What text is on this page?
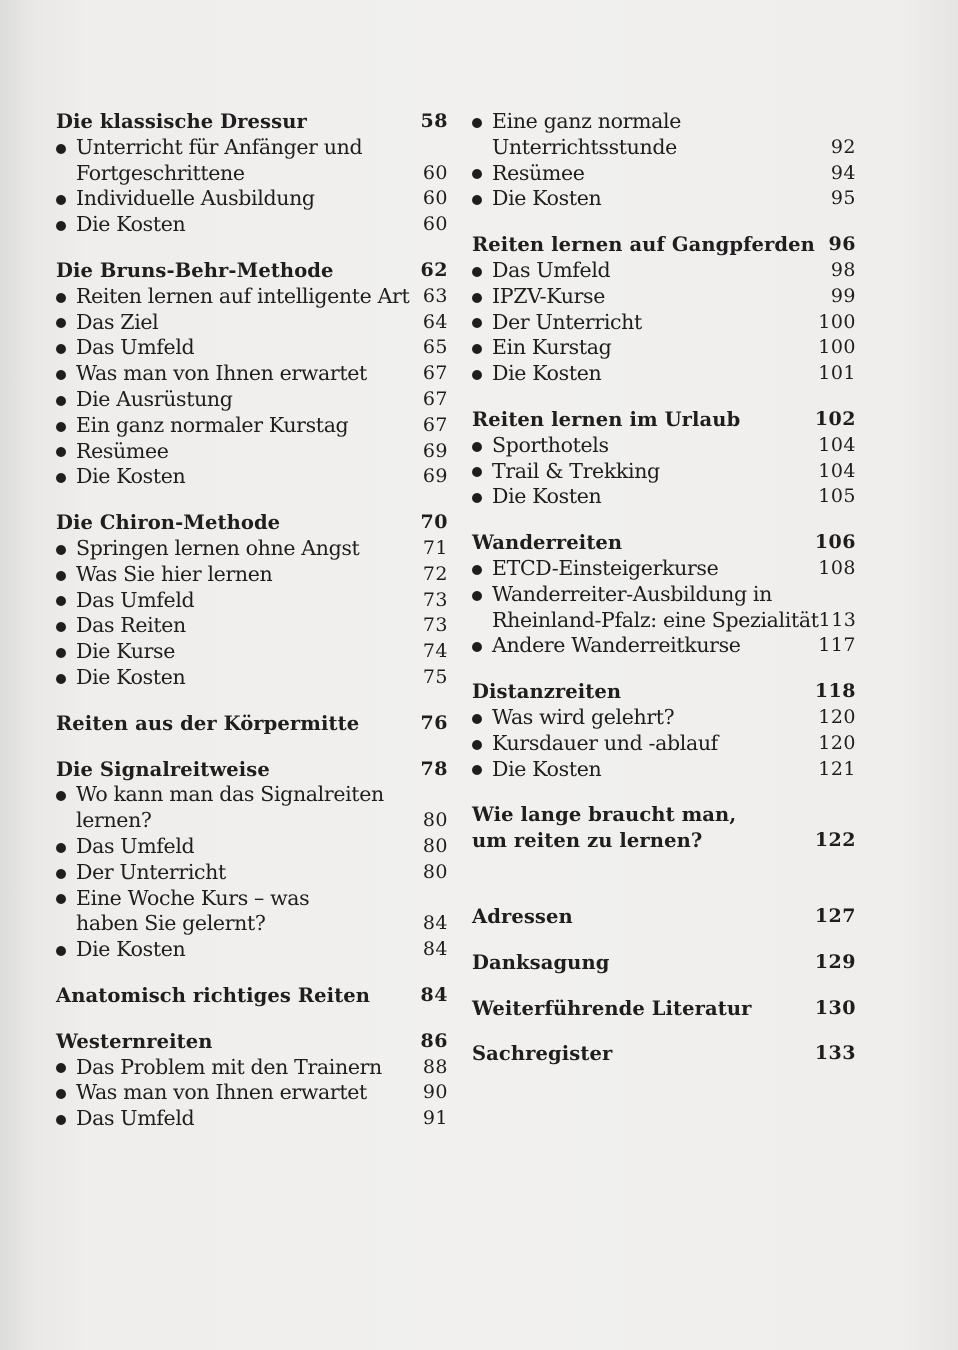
Die klassische Dressur	58
Unterricht für Anfänger und
Fortgeschrittene	60
Individuelle Ausbildung	60
Die Kosten	60
Die Bruns-Behr-Methode	62
Reiten lernen auf intelligente Art 63
Das Ziel	64
Das Umfeld	65
Was man von Ihnen erwartet	67
Die Ausrüstung	67
Ein ganz normaler Kurstag	67
Resümee	69
Die Kosten	69
Die Chiron-Methode	70
Springen lernen ohne Angst	71
Was Sie hier lernen	72
Das Umfeld	73
Das Reiten	73
Die Kurse	74
Die Kosten	75
Reiten aus der Körpermitte	76
Die Signalreitweise	78
Wo kann man das Signalreiten
lernen?	80
Das Umfeld	80
Der Unterricht	80
Eine Woche Kurs – was
haben Sie gelernt?	84
Die Kosten	84
Anatomisch richtiges Reiten	84
Westernreiten	86
Das Problem mit den Trainern 88
Was man von Ihnen erwartet	90
Das Umfeld	91
Eine ganz normale
Unterrichtsstunde	92
Resümee	94
Die Kosten	95
Reiten lernen auf Gangpferden 96
Das Umfeld	98
IPZV-Kurse	99
Der Unterricht	100
Ein Kurstag	100
Die Kosten	101
Reiten lernen im Urlaub	102
Sporthotels	104
Trail & Trekking	104
Die Kosten	105
Wanderreiten	106
ETCD-Einsteigerkurse	108
Wanderreiter-Ausbildung in
Rheinland-Pfalz: eine Spezialität 113
Andere Wanderreitkurse	117
Distanzreiten	118
Was wird gelehrt?	120
Kursdauer und -ablauf	120
Die Kosten	121
Wie lange braucht man,
um reiten zu lernen?	122
Adressen	127
Danksagung	129
Weiterführende Literatur	130
Sachregister	133
